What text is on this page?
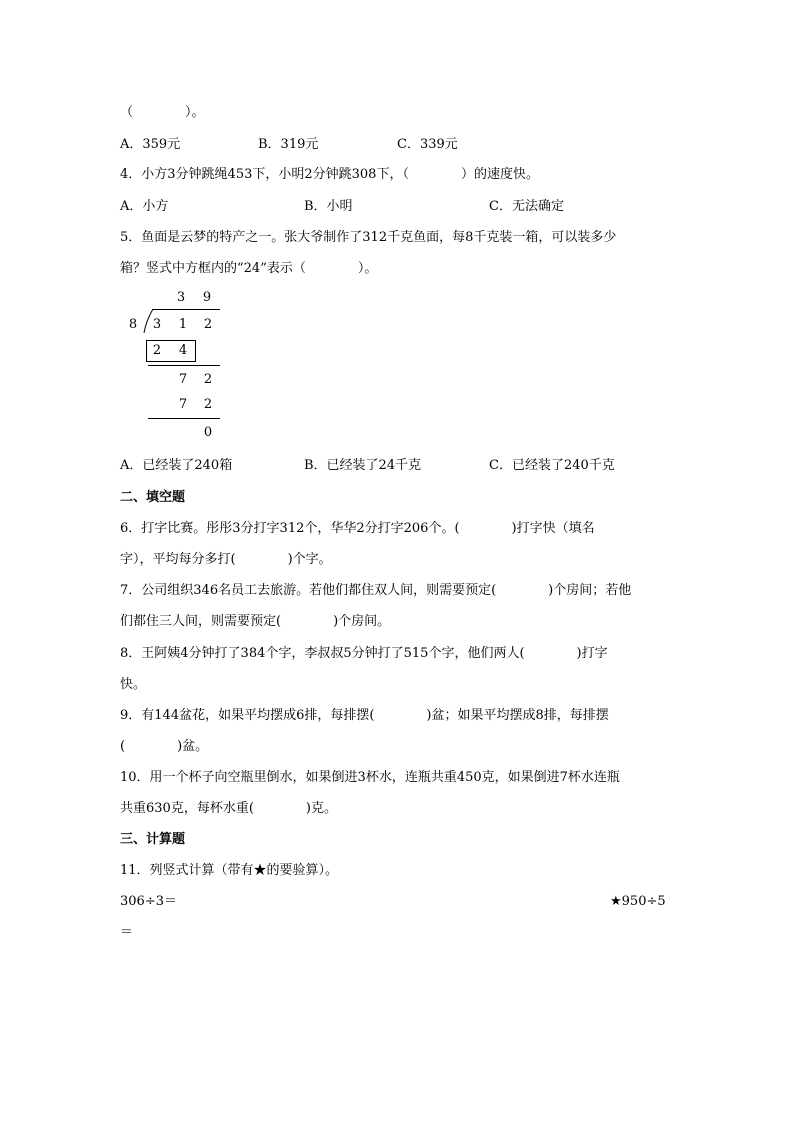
（　　　　）。
A．359元	B．319元	C．339元
4．小方3分钟跳绳453下，小明2分钟跳308下，（　　　　）的速度快。
A．小方	B．小明	C．无法确定
5．鱼面是云梦的特产之一。张大爷制作了312千克鱼面，每8千克装一箱，可以装多少
箱？竖式中方框内的“24”表示（　　　　）。
3 9
8 3 1 2
2 4
7 2
7 2
0
A．已经装了240箱	B．已经装了24千克	C．已经装了240千克
二、填空题
6．打字比赛。彤彤3分打字312个，华华2分打字206个。(　　　　)打字快（填名
字），平均每分多打(　　　　)个字。
7．公司组织346名员工去旅游。若他们都住双人间，则需要预定(　　　　)个房间；若他
们都住三人间，则需要预定(　　　　)个房间。
8．王阿姨4分钟打了384个字，李叔叔5分钟打了515个字，他们两人(　　　　)打字
快。
9．有144盆花，如果平均摆成6排，每排摆(　　　　)盆；如果平均摆成8排，每排摆
(　　　　)盆。
10．用一个杯子向空瓶里倒水，如果倒进3杯水，连瓶共重450克，如果倒进7杯水连瓶
共重630克，每杯水重(　　　　)克。
三、计算题
11．列竖式计算（带有★的要验算）。
306÷3＝	★950÷5
＝
